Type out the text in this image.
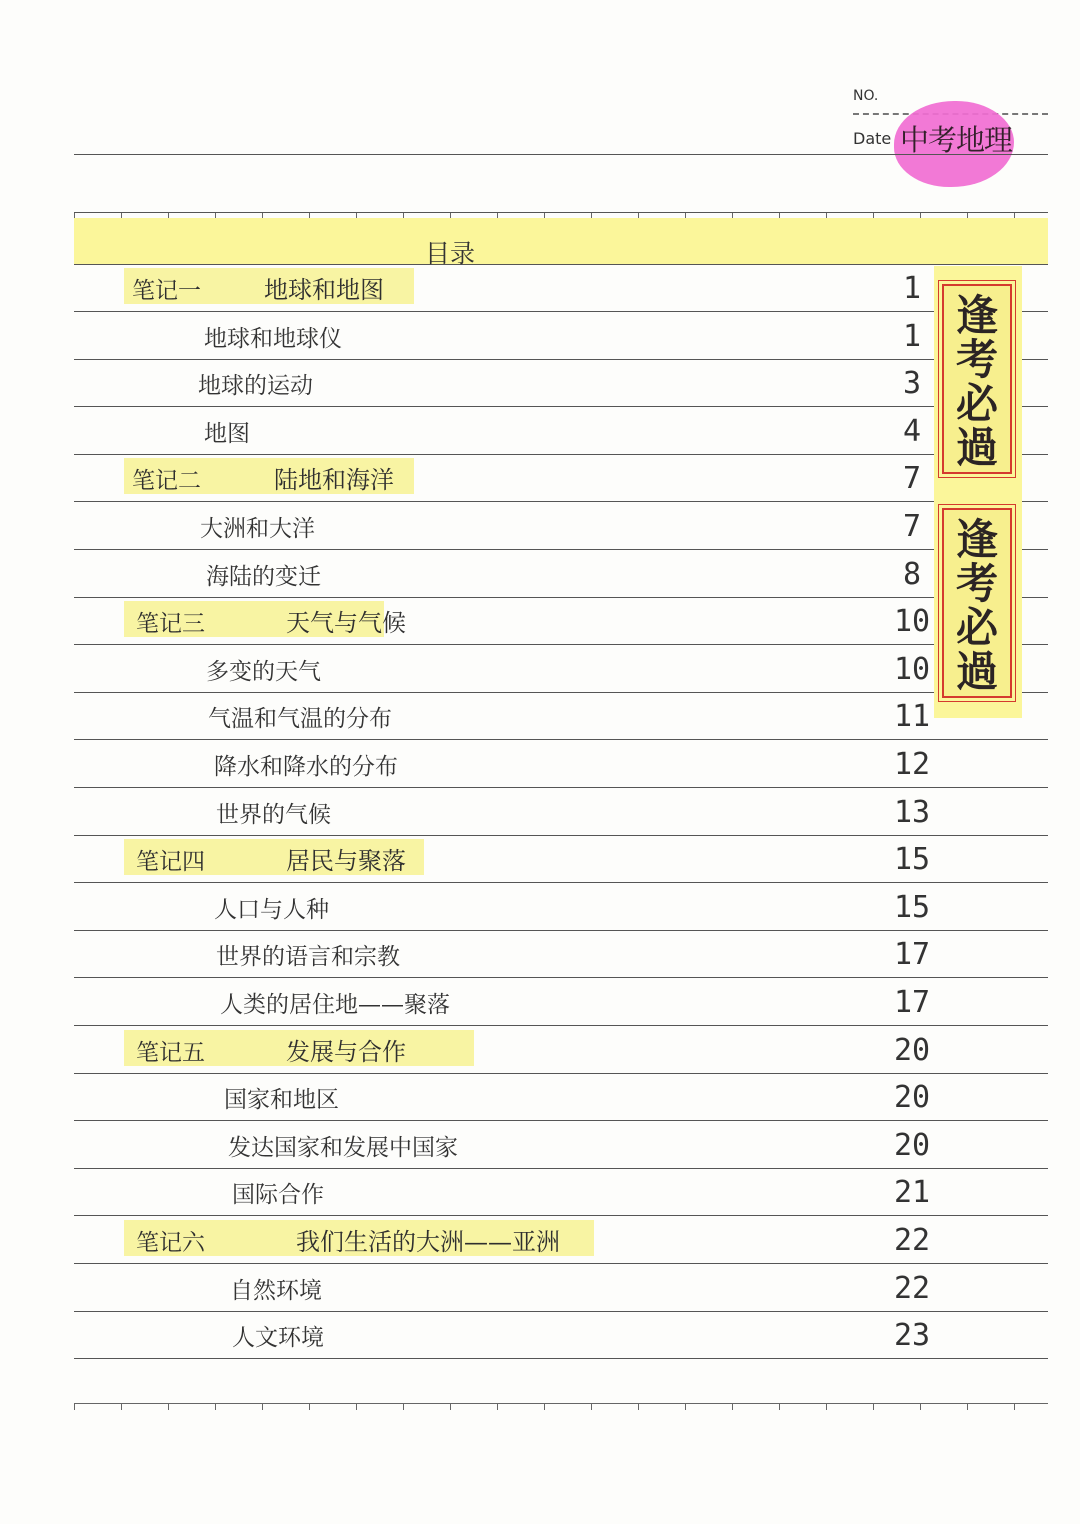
NO.
Date 中考地理
目录
笔记一	地球和地图	1
地球和地球仪	1
地球的运动	3
地图	4
笔记二	陆地和海洋	7
大洲和大洋	7
海陆的变迁	8
笔记三	天气与气候	10
多变的天气	10
气温和气温的分布	11
降水和降水的分布	12
世界的气候	13
笔记四	居民与聚落	15
人口与人种	15
世界的语言和宗教	17
人类的居住地——聚落	17
笔记五	发展与合作	20
国家和地区	20
发达国家和发展中国家	20
国际合作	21
笔记六	我们生活的大洲——亚洲	22
自然环境	22
人文环境	23
逢
考
必
過
逢
考
必
過
